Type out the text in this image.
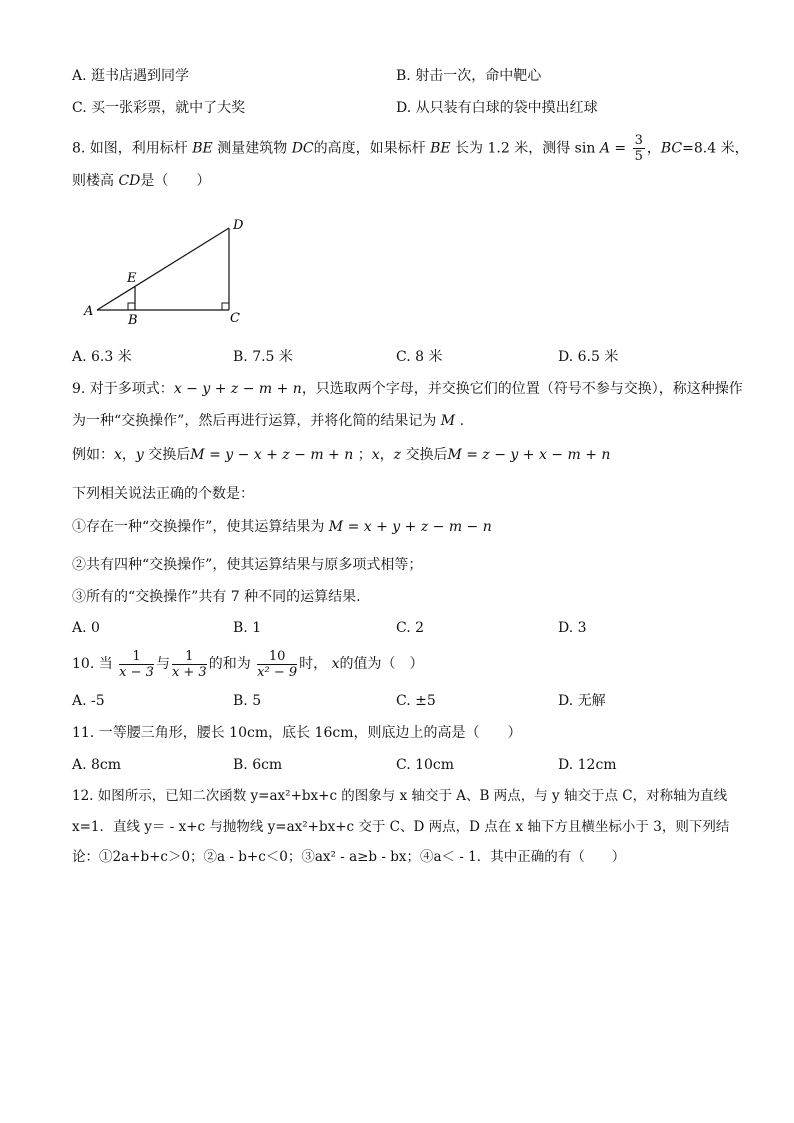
A. 逛书店遇到同学	B. 射击一次，命中靶心
C. 买一张彩票，就中了大奖	D. 从只装有白球的袋中摸出红球
8. 如图，利用标杆 BE 测量建筑物 DC的高度，如果标杆 BE 长为 1.2 米，测得 $\sin A = \frac{3}{5}$ ，BC=8.4 米，
则楼高 CD是（　　）
A
B	C
D
E
A. 6.3 米	B. 7.5 米	C. 8 米	D. 6.5 米
9. 对于多项式：x − y + z − m + n，只选取两个字母，并交换它们的位置（符号不参与交换），称这种操作
为一种“交换操作”，然后再进行运算，并将化简的结果记为 M .
例如：x，y 交换后M = y − x + z − m + n ；x，z 交换后M = z − y + x − m + n
下列相关说法正确的个数是：
①存在一种“交换操作”，使其运算结果为 M = x + y + z − m − n
②共有四种“交换操作”，使其运算结果与原多项式相等；
③所有的“交换操作”共有 7 种不同的运算结果.
A. 0	B. 1	C. 2	D. 3
10. 当 $\frac{1}{x - 3}$ 与 $\frac{1}{x + 3}$ 的和为 $\frac{10}{\text{x² − 9}}$ 时， x的值为（　）
A. -5	B. 5	C. ±5	D. 无解
11. 一等腰三角形，腰长 10cm，底长 16cm，则底边上的高是（　　）
A. 8cm	B. 6cm	C. 10cm	D. 12cm
12. 如图所示，已知二次函数 y=ax²+bx+c 的图象与 x 轴交于 A、B 两点，与 y 轴交于点 C，对称轴为直线
x=1．直线 y＝ - x+c 与抛物线 y=ax²+bx+c 交于 C、D 两点，D 点在 x 轴下方且横坐标小于 3，则下列结
论：①2a+b+c＞0；②a - b+c＜0；③ax² - a≥b - bx；④a＜ - 1．其中正确的有（　　）
